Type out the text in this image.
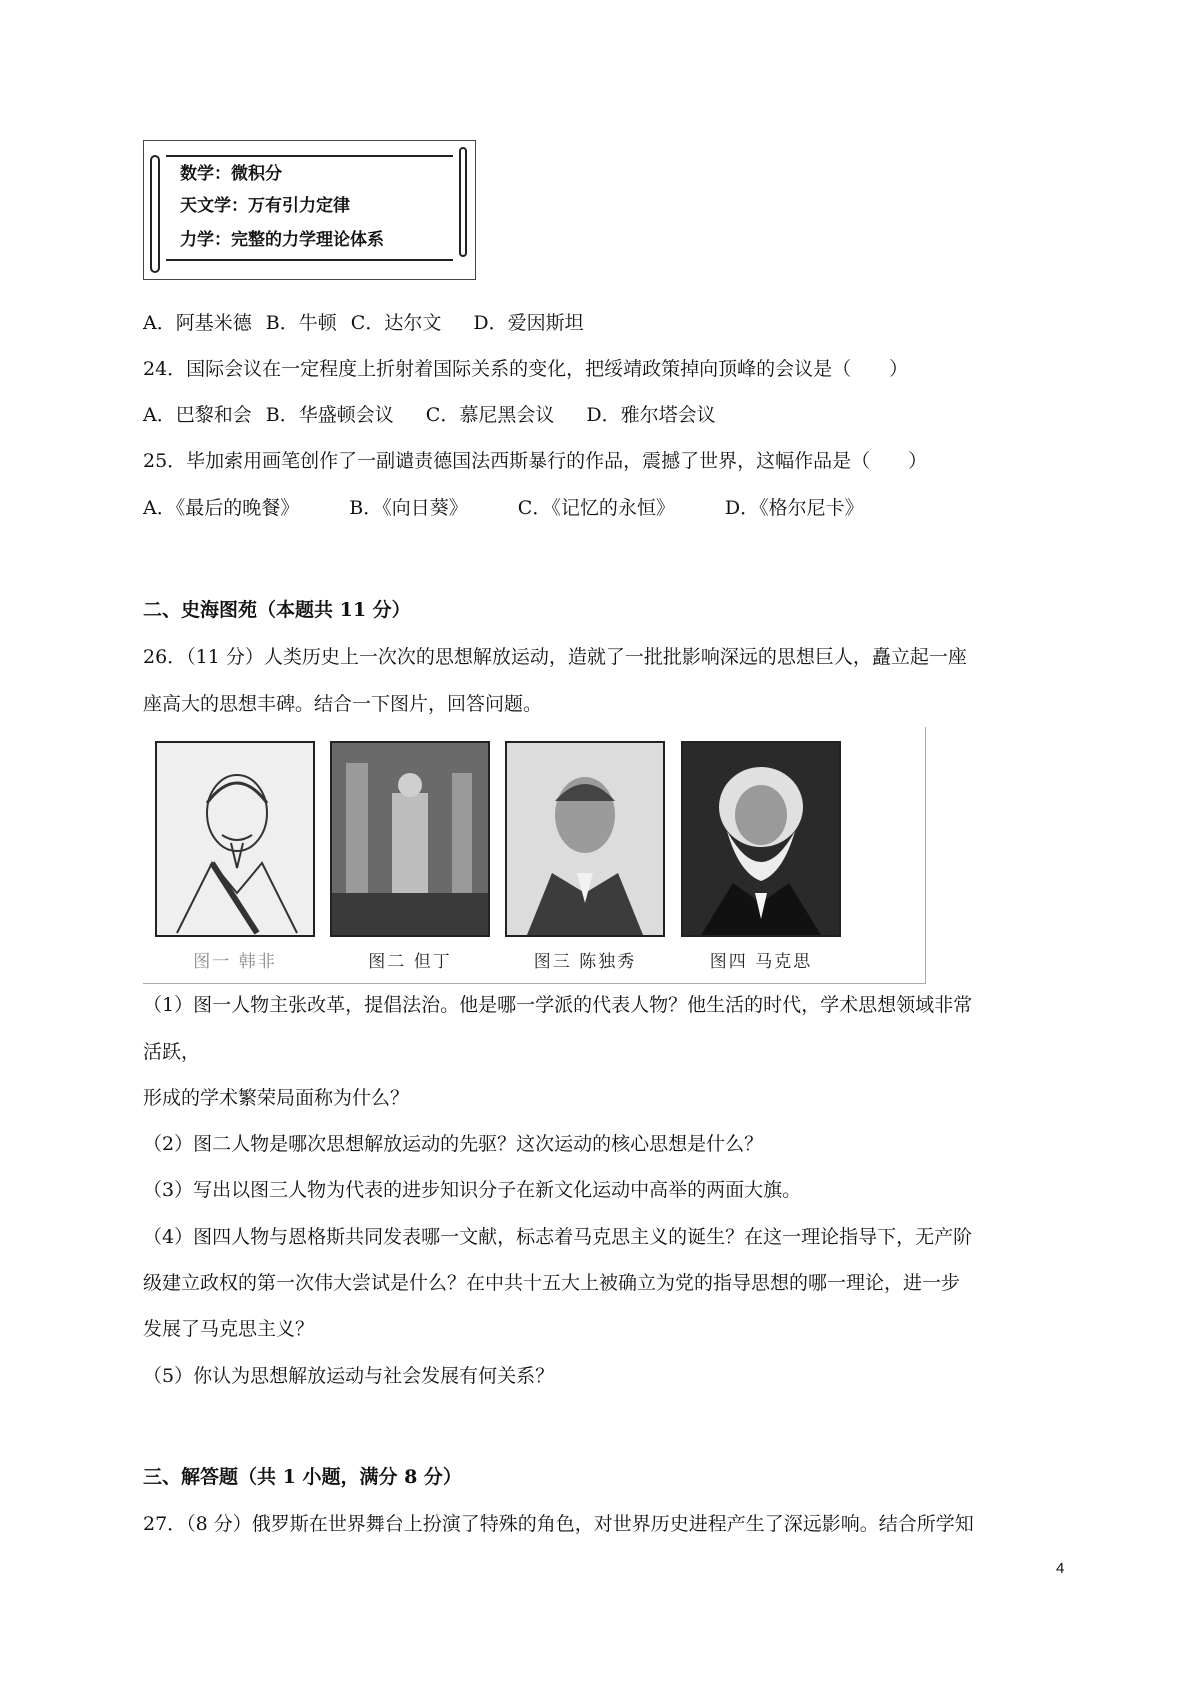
数学：微积分
天文学：万有引力定律
力学：完整的力学理论体系
A．阿基米德 B．牛顿 C．达尔文 D．爱因斯坦
24．国际会议在一定程度上折射着国际关系的变化，把绥靖政策掉向顶峰的会议是（　　）
A．巴黎和会 B．华盛顿会议 C．慕尼黑会议 D．雅尔塔会议
25．毕加索用画笔创作了一副谴责德国法西斯暴行的作品，震撼了世界，这幅作品是（　　）
A．《最后的晚餐》	B．《向日葵》	C．《记忆的永恒》	D．《格尔尼卡》
二、史海图苑（本题共 11 分）
26．（11 分）人类历史上一次次的思想解放运动，造就了一批批影响深远的思想巨人，矗立起一座
座高大的思想丰碑。结合一下图片，回答问题。
图一 韩非	图二 但丁	图三 陈独秀	图四 马克思
（1）图一人物主张改革，提倡法治。他是哪一学派的代表人物？他生活的时代，学术思想领域非常
活跃，
形成的学术繁荣局面称为什么？
（2）图二人物是哪次思想解放运动的先驱？这次运动的核心思想是什么？
（3）写出以图三人物为代表的进步知识分子在新文化运动中高举的两面大旗。
（4）图四人物与恩格斯共同发表哪一文献，标志着马克思主义的诞生？在这一理论指导下，无产阶
级建立政权的第一次伟大尝试是什么？在中共十五大上被确立为党的指导思想的哪一理论，进一步
发展了马克思主义？
（5）你认为思想解放运动与社会发展有何关系？
三、解答题（共 1 小题，满分 8 分）
27．（8 分）俄罗斯在世界舞台上扮演了特殊的角色，对世界历史进程产生了深远影响。结合所学知
4
